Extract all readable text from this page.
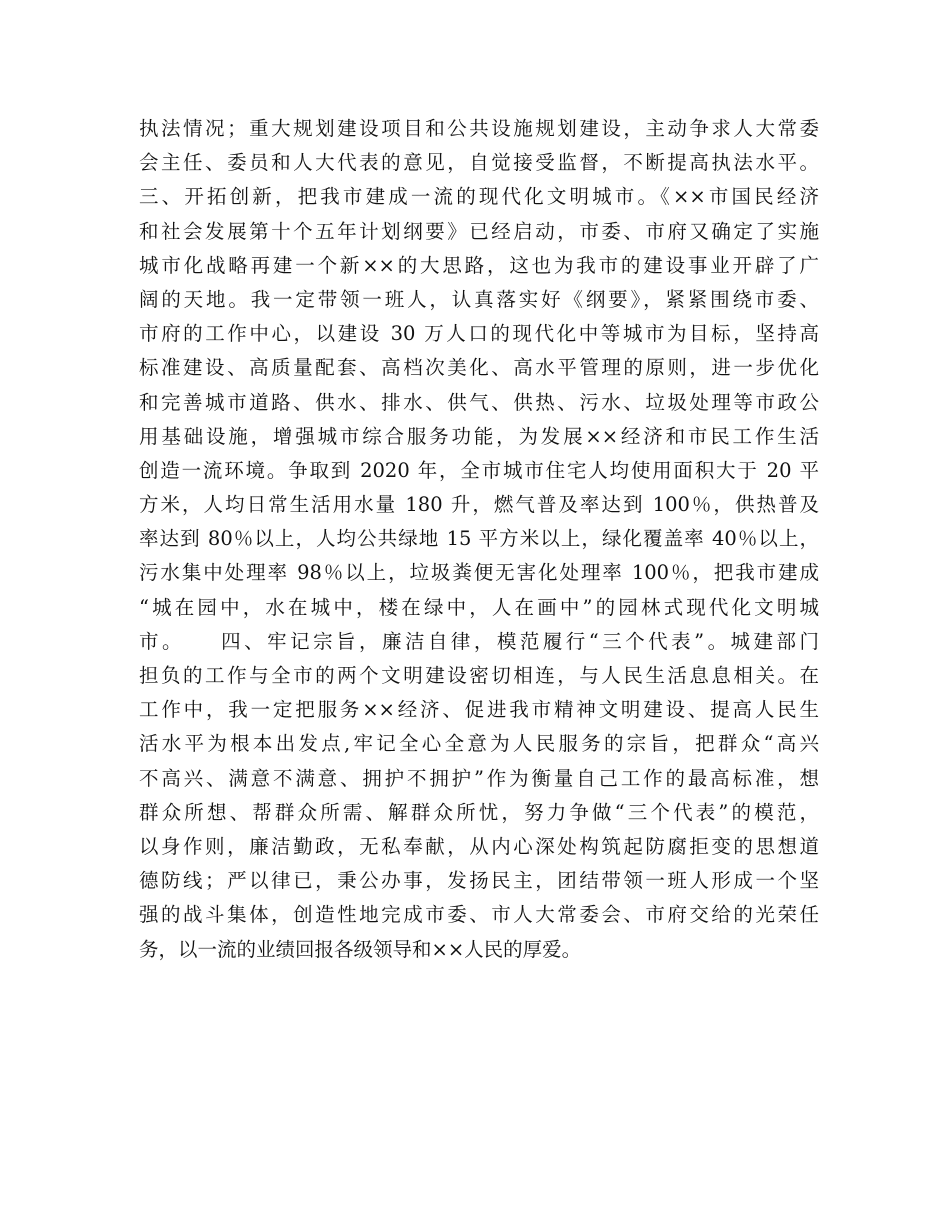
执法情况；重大规划建设项目和公共设施规划建设，主动争求人大常委
会主任、委员和人大代表的意见，自觉接受监督，不断提高执法水平。
三、开拓创新，把我市建成一流的现代化文明城市。《××市国民经济
和社会发展第十个五年计划纲要》已经启动，市委、市府又确定了实施
城市化战略再建一个新××的大思路，这也为我市的建设事业开辟了广
阔的天地。我一定带领一班人，认真落实好《纲要》，紧紧围绕市委、
市府的工作中心，以建设 30 万人口的现代化中等城市为目标，坚持高
标准建设、高质量配套、高档次美化、高水平管理的原则，进一步优化
和完善城市道路、供水、排水、供气、供热、污水、垃圾处理等市政公
用基础设施，增强城市综合服务功能，为发展××经济和市民工作生活
创造一流环境。争取到 2020 年，全市城市住宅人均使用面积大于 20 平
方米，人均日常生活用水量 180 升，燃气普及率达到 100％，供热普及
率达到 80％以上，人均公共绿地 15 平方米以上，绿化覆盖率 40％以上，
污水集中处理率 98％以上，垃圾粪便无害化处理率 100％，把我市建成
“城在园中，水在城中，楼在绿中，人在画中”的园林式现代化文明城
市。　　四、牢记宗旨，廉洁自律，模范履行“三个代表”。城建部门
担负的工作与全市的两个文明建设密切相连，与人民生活息息相关。在
工作中，我一定把服务××经济、促进我市精神文明建设、提高人民生
活水平为根本出发点,牢记全心全意为人民服务的宗旨，把群众“高兴
不高兴、满意不满意、拥护不拥护”作为衡量自己工作的最高标准，想
群众所想、帮群众所需、解群众所忧，努力争做“三个代表”的模范，
以身作则，廉洁勤政，无私奉献，从内心深处构筑起防腐拒变的思想道
德防线；严以律已，秉公办事，发扬民主，团结带领一班人形成一个坚
强的战斗集体，创造性地完成市委、市人大常委会、市府交给的光荣任
务，以一流的业绩回报各级领导和××人民的厚爱。
